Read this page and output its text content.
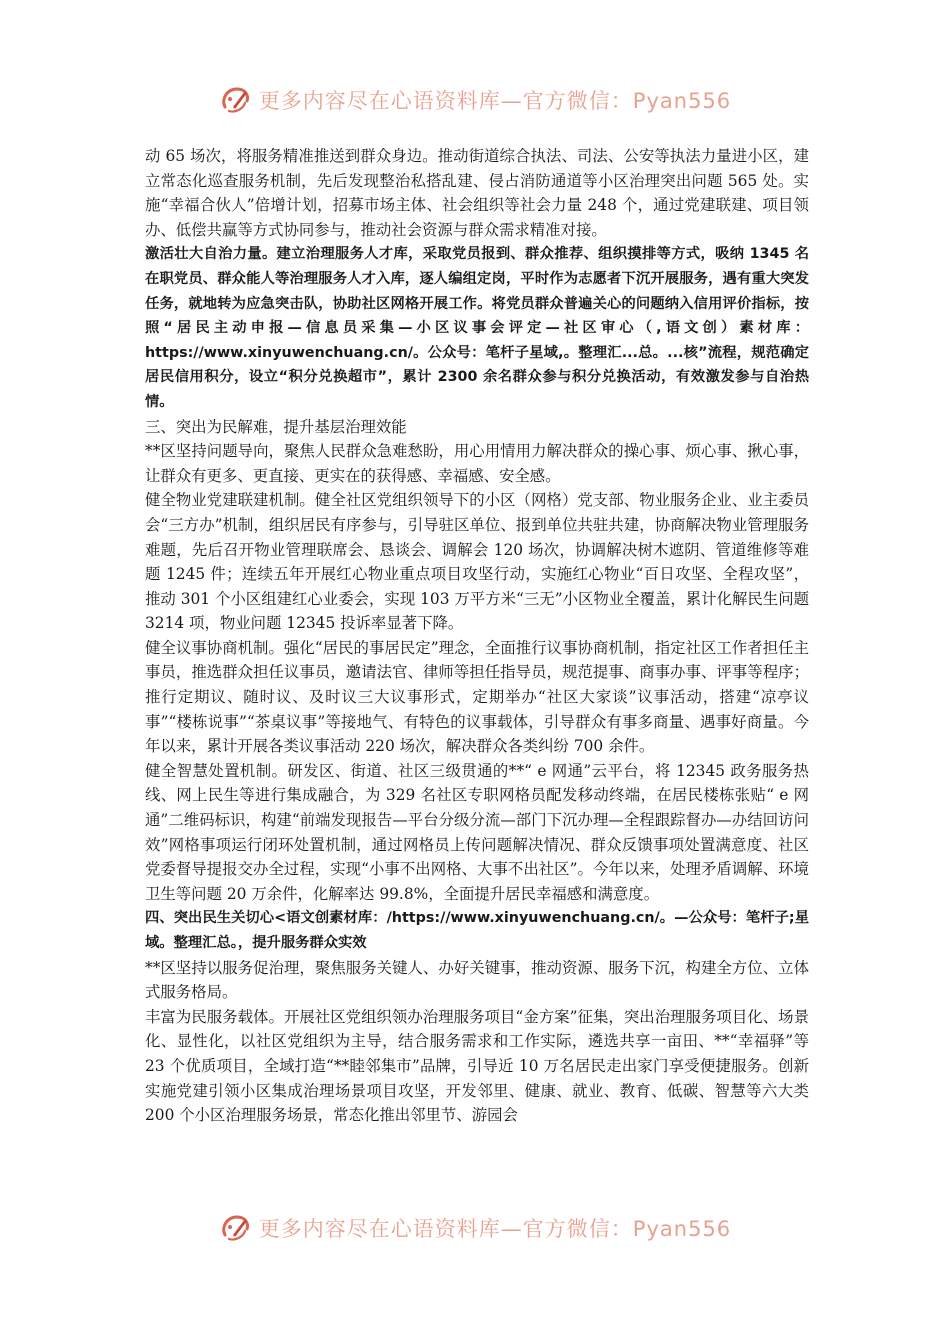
更多内容尽在心语资料库—官方微信：Pyan556

动 65 场次，将服务精准推送到群众身边。推动街道综合执法、司法、公安等执法力量进小区，建立常态化巡查服务机制，先后发现整治私搭乱建、侵占消防通道等小区治理突出问题 565 处。实施“幸福合伙人”倍增计划，招募市场主体、社会组织等社会力量 248 个，通过党建联建、项目领办、低偿共赢等方式协同参与，推动社会资源与群众需求精准对接。

激活壮大自治力量。建立治理服务人才库，采取党员报到、群众推荐、组织摸排等方式，吸纳 1345 名在职党员、群众能人等治理服务人才入库，逐人编组定岗，平时作为志愿者下沉开展服务，遇有重大突发任务，就地转为应急突击队，协助社区网格开展工作。将党员群众普遍关心的问题纳入信用评价指标，按照“居民主动申报—信息员采集—小区议事会评定—社区审心（,语文创）素材库：https://www.xinyuwenchuang.cn/。公众号：笔杆子星域,。整理汇...总。...核”流程，规范确定居民信用积分，设立“积分兑换超市”，累计 2300 余名群众参与积分兑换活动，有效激发参与自治热情。

三、突出为民解难，提升基层治理效能

**区坚持问题导向，聚焦人民群众急难愁盼，用心用情用力解决群众的操心事、烦心事、揪心事，让群众有更多、更直接、更实在的获得感、幸福感、安全感。

健全物业党建联建机制。健全社区党组织领导下的小区（网格）党支部、物业服务企业、业主委员会“三方办”机制，组织居民有序参与，引导驻区单位、报到单位共驻共建，协商解决物业管理服务难题，先后召开物业管理联席会、恳谈会、调解会 120 场次，协调解决树木遮阴、管道维修等难题 1245 件；连续五年开展红心物业重点项目攻坚行动，实施红心物业“百日攻坚、全程攻坚”，推动 301 个小区组建红心业委会，实现 103 万平方米“三无”小区物业全覆盖，累计化解民生问题 3214 项，物业问题 12345 投诉率显著下降。

健全议事协商机制。强化“居民的事居民定”理念，全面推行议事协商机制，指定社区工作者担任主事员，推选群众担任议事员，邀请法官、律师等担任指导员，规范提事、商事办事、评事等程序；推行定期议、随时议、及时议三大议事形式，定期举办“社区大家谈”议事活动，搭建“凉亭议事”“楼栋说事”“茶桌议事”等接地气、有特色的议事载体，引导群众有事多商量、遇事好商量。今年以来，累计开展各类议事活动 220 场次，解决群众各类纠纷 700 余件。

健全智慧处置机制。研发区、街道、社区三级贯通的**“ e 网通”云平台，将 12345 政务服务热线、网上民生等进行集成融合，为 329 名社区专职网格员配发移动终端，在居民楼栋张贴“ e 网通”二维码标识，构建“前端发现报告—平台分级分流—部门下沉办理—全程跟踪督办—办结回访问效”网格事项运行闭环处置机制，通过网格员上传问题解决情况、群众反馈事项处置满意度、社区党委督导提报交办全过程，实现“小事不出网格、大事不出社区”。今年以来，处理矛盾调解、环境卫生等问题 20 万余件，化解率达 99.8%，全面提升居民幸福感和满意度。

四、突出民生关切心<语文创素材库：/https://www.xinyuwenchuang.cn/。—公众号：笔杆子;星域。整理汇总。，提升服务群众实效

**区坚持以服务促治理，聚焦服务关键人、办好关键事，推动资源、服务下沉，构建全方位、立体式服务格局。

丰富为民服务载体。开展社区党组织领办治理服务项目“金方案”征集，突出治理服务项目化、场景化、显性化，以社区党组织为主导，结合服务需求和工作实际，遴选共享一亩田、**“幸福驿”等 23 个优质项目，全域打造“**睦邻集市”品牌，引导近 10 万名居民走出家门享受便捷服务。创新实施党建引领小区集成治理场景项目攻坚，开发邻里、健康、就业、教育、低碳、智慧等六大类 200 个小区治理服务场景，常态化推出邻里节、游园会

更多内容尽在心语资料库—官方微信：Pyan556
